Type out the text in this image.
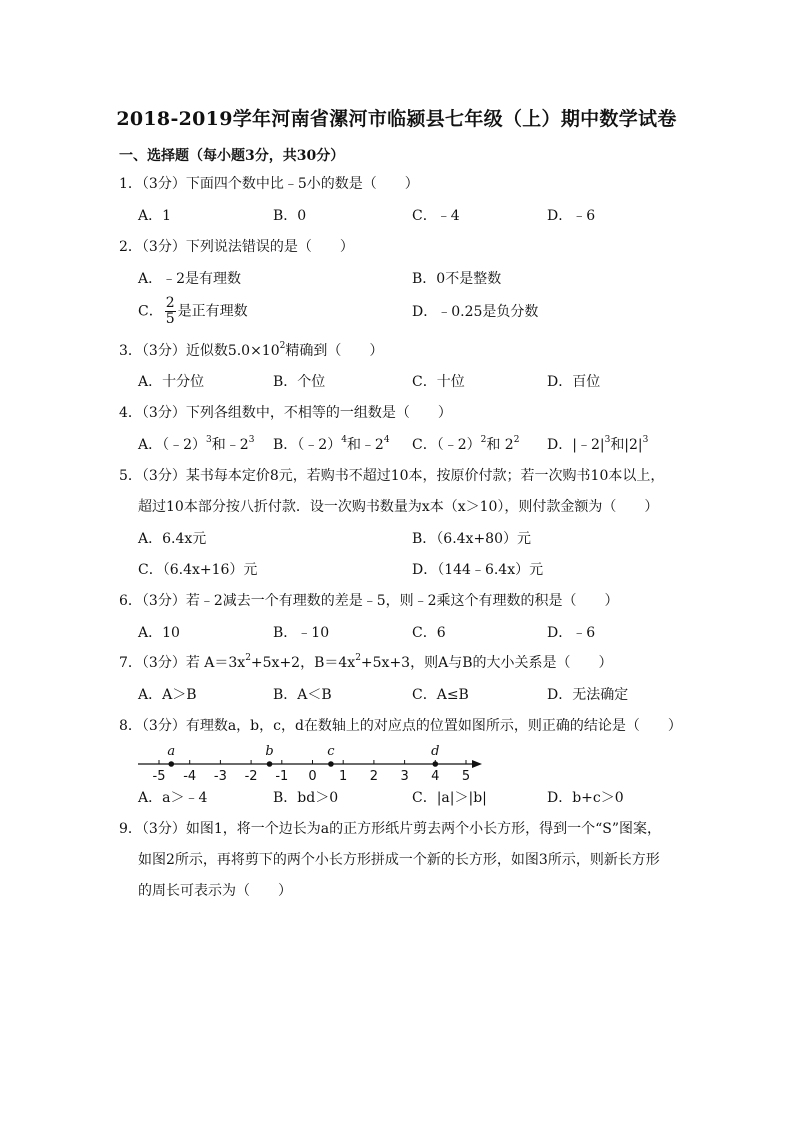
2018-2019学年河南省漯河市临颍县七年级（上）期中数学试卷
一、选择题（每小题3分，共30分）
1．（3分）下面四个数中比﹣5小的数是（　　）
A．1	B．0	C．﹣4	D．﹣6
2．（3分）下列说法错误的是（　　）
A．﹣2是有理数	B．0不是整数
C． $\frac{2}{5}$ 是正有理数	D．﹣0.25是负分数
3．（3分）近似数$5.0\times 10^2$精确到（　　）
A．十分位	B．个位	C．十位	D．百位
4．（3分）下列各组数中，不相等的一组数是（　　）
A．（﹣2）$^3$和$﹣2^3$ B．（﹣2）$^4$和$﹣2^4$ C．（﹣2）$^2$和 $2^2$ D．$|﹣2|^3$和$|2|^3$
5．（3分）某书每本定价8元，若购书不超过10本，按原价付款；若一次购书10本以上，
超过10本部分按八折付款．设一次购书数量为x本（x＞10），则付款金额为（　　）
A．6.4x元	B．（6.4x+80）元
C．（6.4x+16）元	D．（144﹣6.4x）元
6．（3分）若﹣2减去一个有理数的差是﹣5，则﹣2乘这个有理数的积是（　　）
A．10	B．﹣10	C．6	D．﹣6
7．（3分）若 $A=3x^2+5x+2$，$B=4x^2+5x+3$，则A与B的大小关系是（　　）
A．A＞B	B．A＜B	C．A≤B	D．无法确定
8．（3分）有理数a，b，c，d在数轴上的对应点的位置如图所示，则正确的结论是（　　）
-5 -4 -3 -2 -1 0 1 2 3 4 5
a	b	c	d
A．a＞﹣4	B．bd＞0	C．|a|＞|b|	D．b+c＞0
9．（3分）如图1，将一个边长为a的正方形纸片剪去两个小长方形，得到一个“S”图案，
如图2所示，再将剪下的两个小长方形拼成一个新的长方形，如图3所示，则新长方形
的周长可表示为（　　）
